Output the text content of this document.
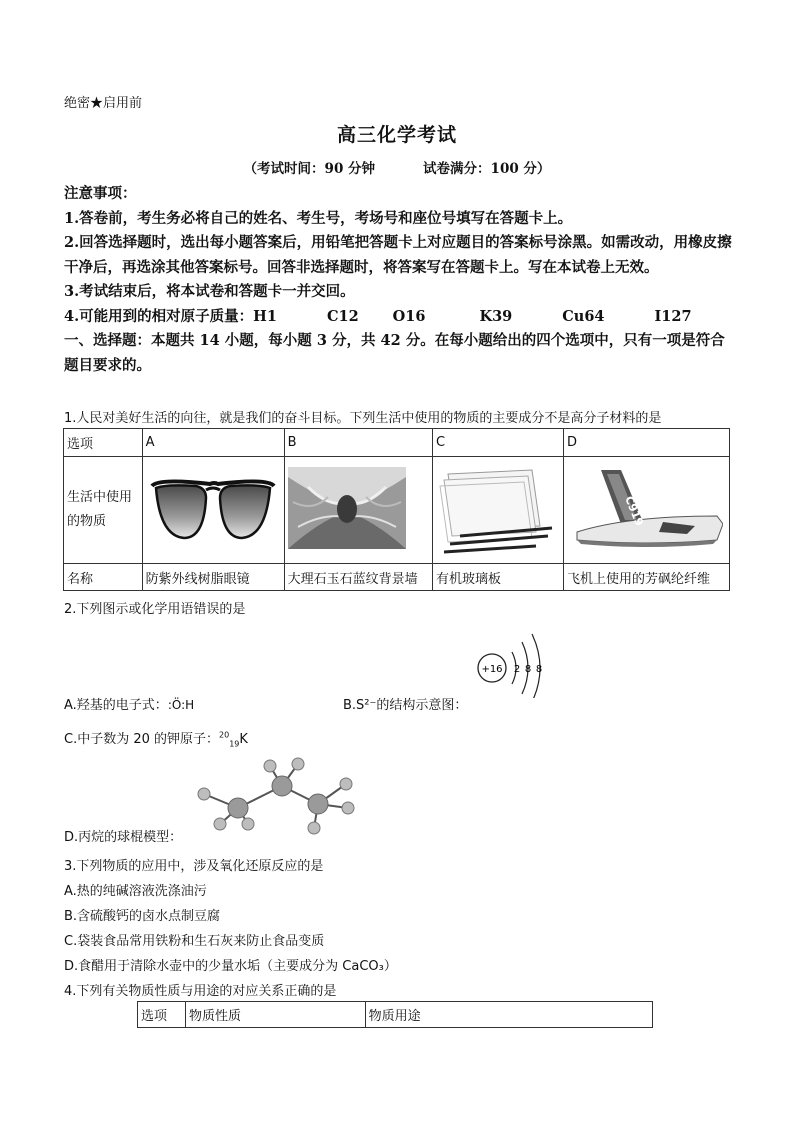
绝密★启用前
高三化学考试
（考试时间：90 分钟	试卷满分：100 分）

注意事项：

1.答卷前，考生务必将自己的姓名、考生号，考场号和座位号填写在答题卡上。

2.回答选择题时，选出每小题答案后，用铅笔把答题卡上对应题目的答案标号涂黑。如需改动，用橡皮擦干净后，再选涂其他答案标号。回答非选择题时，将答案写在答题卡上。写在本试卷上无效。

3.考试结束后，将本试卷和答题卡一并交回。

4.可能用到的相对原子质量：H1	C12 O16	K39	Cu64	I127

一、选择题：本题共 14 小题，每小题 3 分，共 42 分。在每小题给出的四个选项中，只有一项是符合题目要求的。

1.人民对美好生活的向往，就是我们的奋斗目标。下列生活中使用的物质的主要成分不是高分子材料的是
选项	A	B	C	D
生活中使用的物质				C919

名称	防紫外线树脂眼镜	大理石玉石蓝纹背景墙	有机玻璃板	飞机上使用的芳砜纶纤维
2.下列图示或化学用语错误的是
A.羟基的电子式：:Ö:H	B.S²⁻的结构示意图：
+16 2 8 8
C.中子数为 20 的钾原子：$^{20}_{19}$K
D.丙烷的球棍模型：
3.下列物质的应用中，涉及氧化还原反应的是
A.热的纯碱溶液洗涤油污
B.含硫酸钙的卤水点制豆腐
C.袋装食品常用铁粉和生石灰来防止食品变质
D.食醋用于清除水壶中的少量水垢（主要成分为 CaCO₃）
4.下列有关物质性质与用途的对应关系正确的是
选项	物质性质	物质用途
